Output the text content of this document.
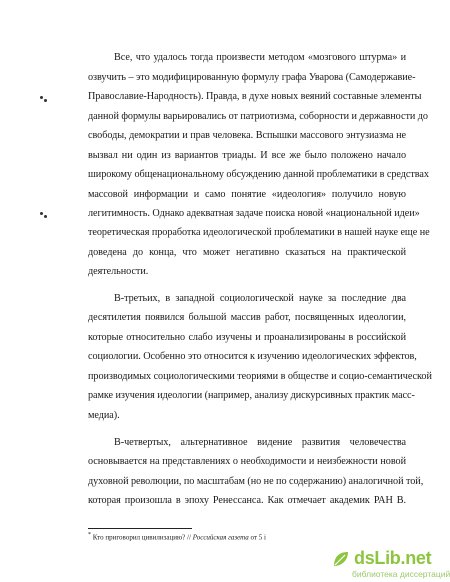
Все, что удалось тогда произвести методом «мозгового штурма» и
озвучить – это модифицированную формулу графа Уварова (Самодержавие-
Православие-Народность). Правда, в духе новых веяний составные элементы
данной формулы варьировались от патриотизма, соборности и державности до
свободы, демократии и прав человека. Вспышки массового энтузиазма не
вызвал ни один из вариантов триады. И все же было положено начало
широкому общенациональному обсуждению данной проблематики в средствах
массовой информации и само понятие «идеология» получило новую
легитимность. Однако адекватная задаче поиска новой «национальной идеи»
теоретическая проработка идеологической проблематики в нашей науке еще не
доведена до конца, что может негативно сказаться на практической
деятельности.
В-третьих, в западной социологической науке за последние два
десятилетия появился большой массив работ, посвященных идеологии,
которые относительно слабо изучены и проанализированы в российской
социологии. Особенно это относится к изучению идеологических эффектов,
производимых социологическими теориями в обществе и социо-семантической
рамке изучения идеологии (например, анализу дискурсивных практик масс-
медиа).
В-четвертых, альтернативное видение развития человечества
основывается на представлениях о необходимости и неизбежности новой
духовной революции, по масштабам (но не по содержанию) аналогичной той,
которая произошла в эпоху Ренессанса. Как отмечает академик РАН В.
* Кто приговорил цивилизацию? // Российская газета от 5 і
dsLib.net
библиотека диссертаций
